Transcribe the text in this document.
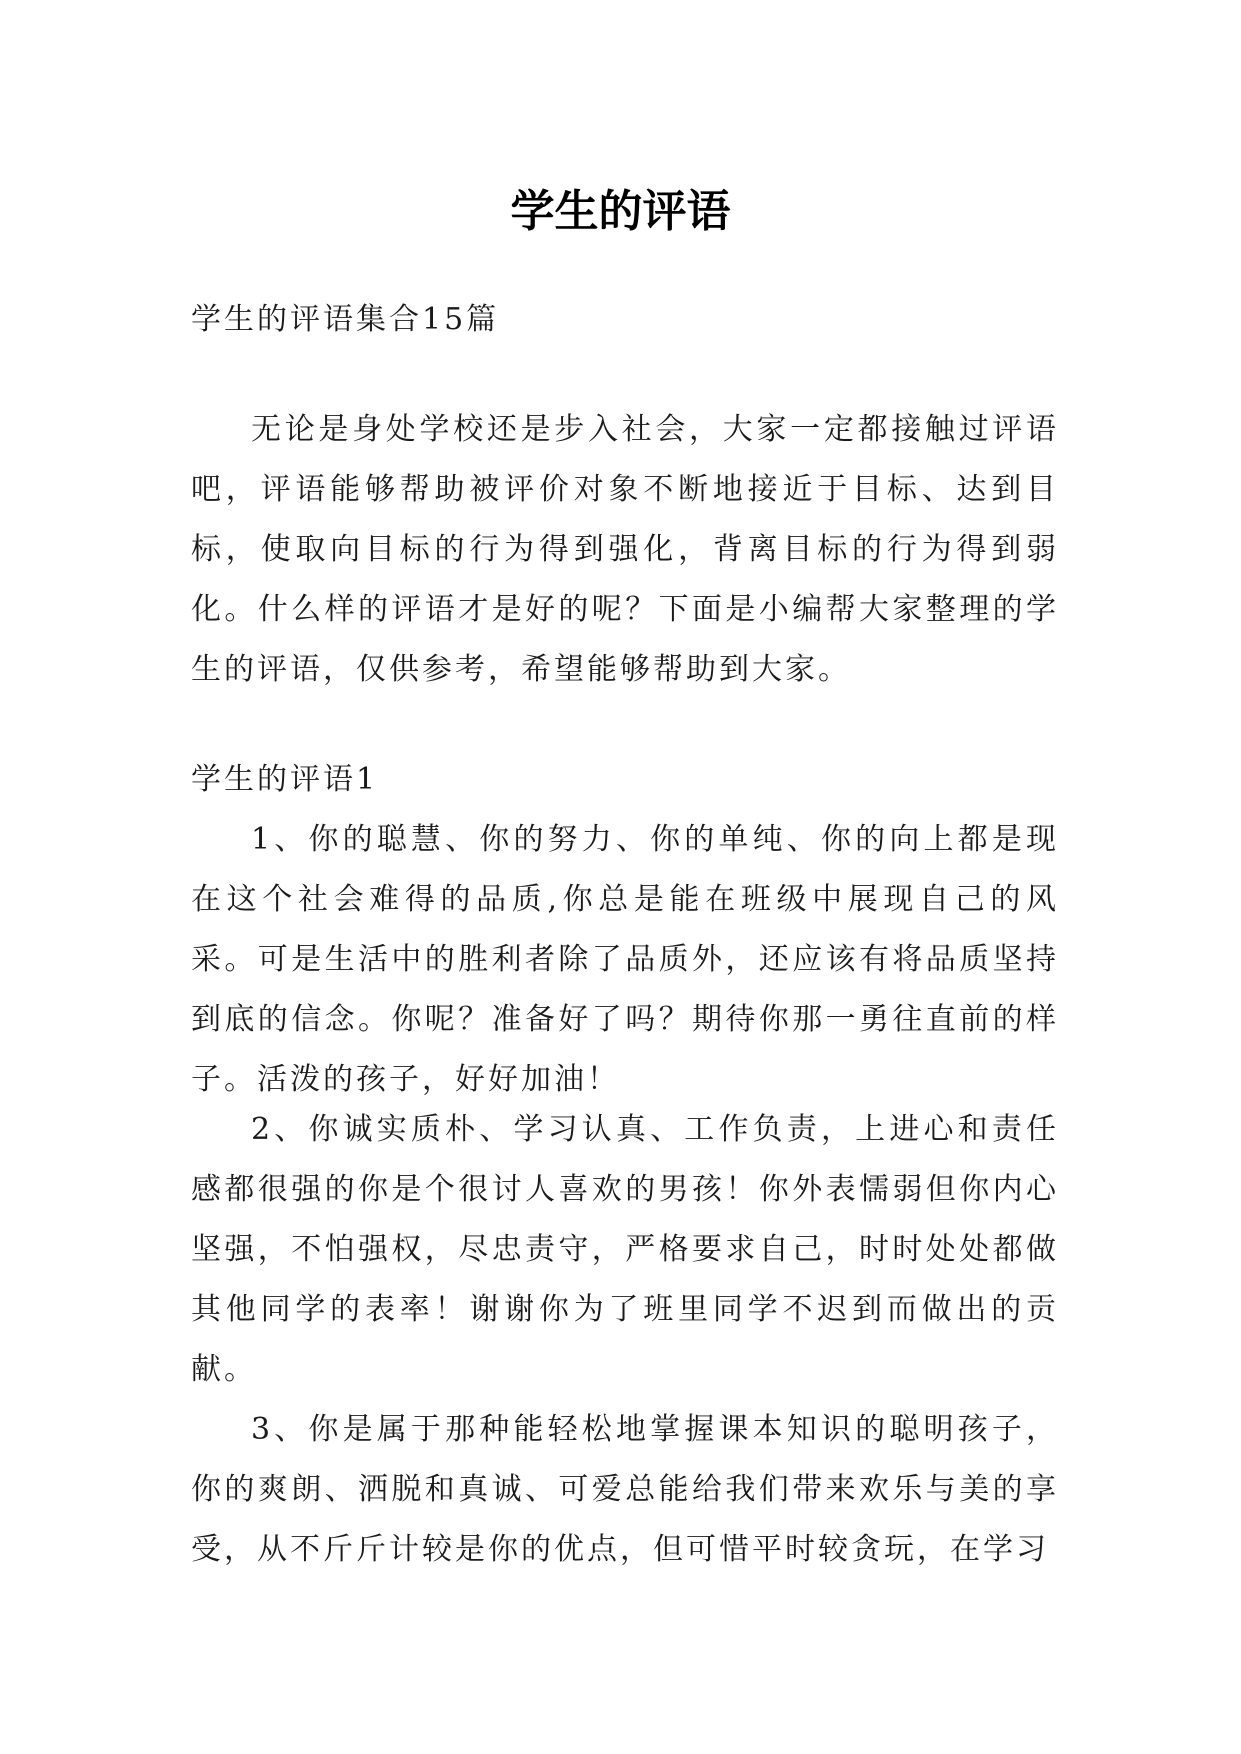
学生的评语

学生的评语集合15篇

无论是身处学校还是步入社会，大家一定都接触过评语吧，评语能够帮助被评价对象不断地接近于目标、达到目标，使取向目标的行为得到强化，背离目标的行为得到弱化。什么样的评语才是好的呢？下面是小编帮大家整理的学生的评语，仅供参考，希望能够帮助到大家。

学生的评语1

1、你的聪慧、你的努力、你的单纯、你的向上都是现在这个社会难得的品质,你总是能在班级中展现自己的风采。可是生活中的胜利者除了品质外，还应该有将品质坚持到底的信念。你呢？准备好了吗？期待你那一勇往直前的样子。活泼的孩子，好好加油！

2、你诚实质朴、学习认真、工作负责，上进心和责任感都很强的你是个很讨人喜欢的男孩！你外表懦弱但你内心坚强，不怕强权，尽忠责守，严格要求自己，时时处处都做其他同学的表率！谢谢你为了班里同学不迟到而做出的贡献。

3、你是属于那种能轻松地掌握课本知识的聪明孩子，你的爽朗、洒脱和真诚、可爱总能给我们带来欢乐与美的享受，从不斤斤计较是你的优点，但可惜平时较贪玩，在学习
